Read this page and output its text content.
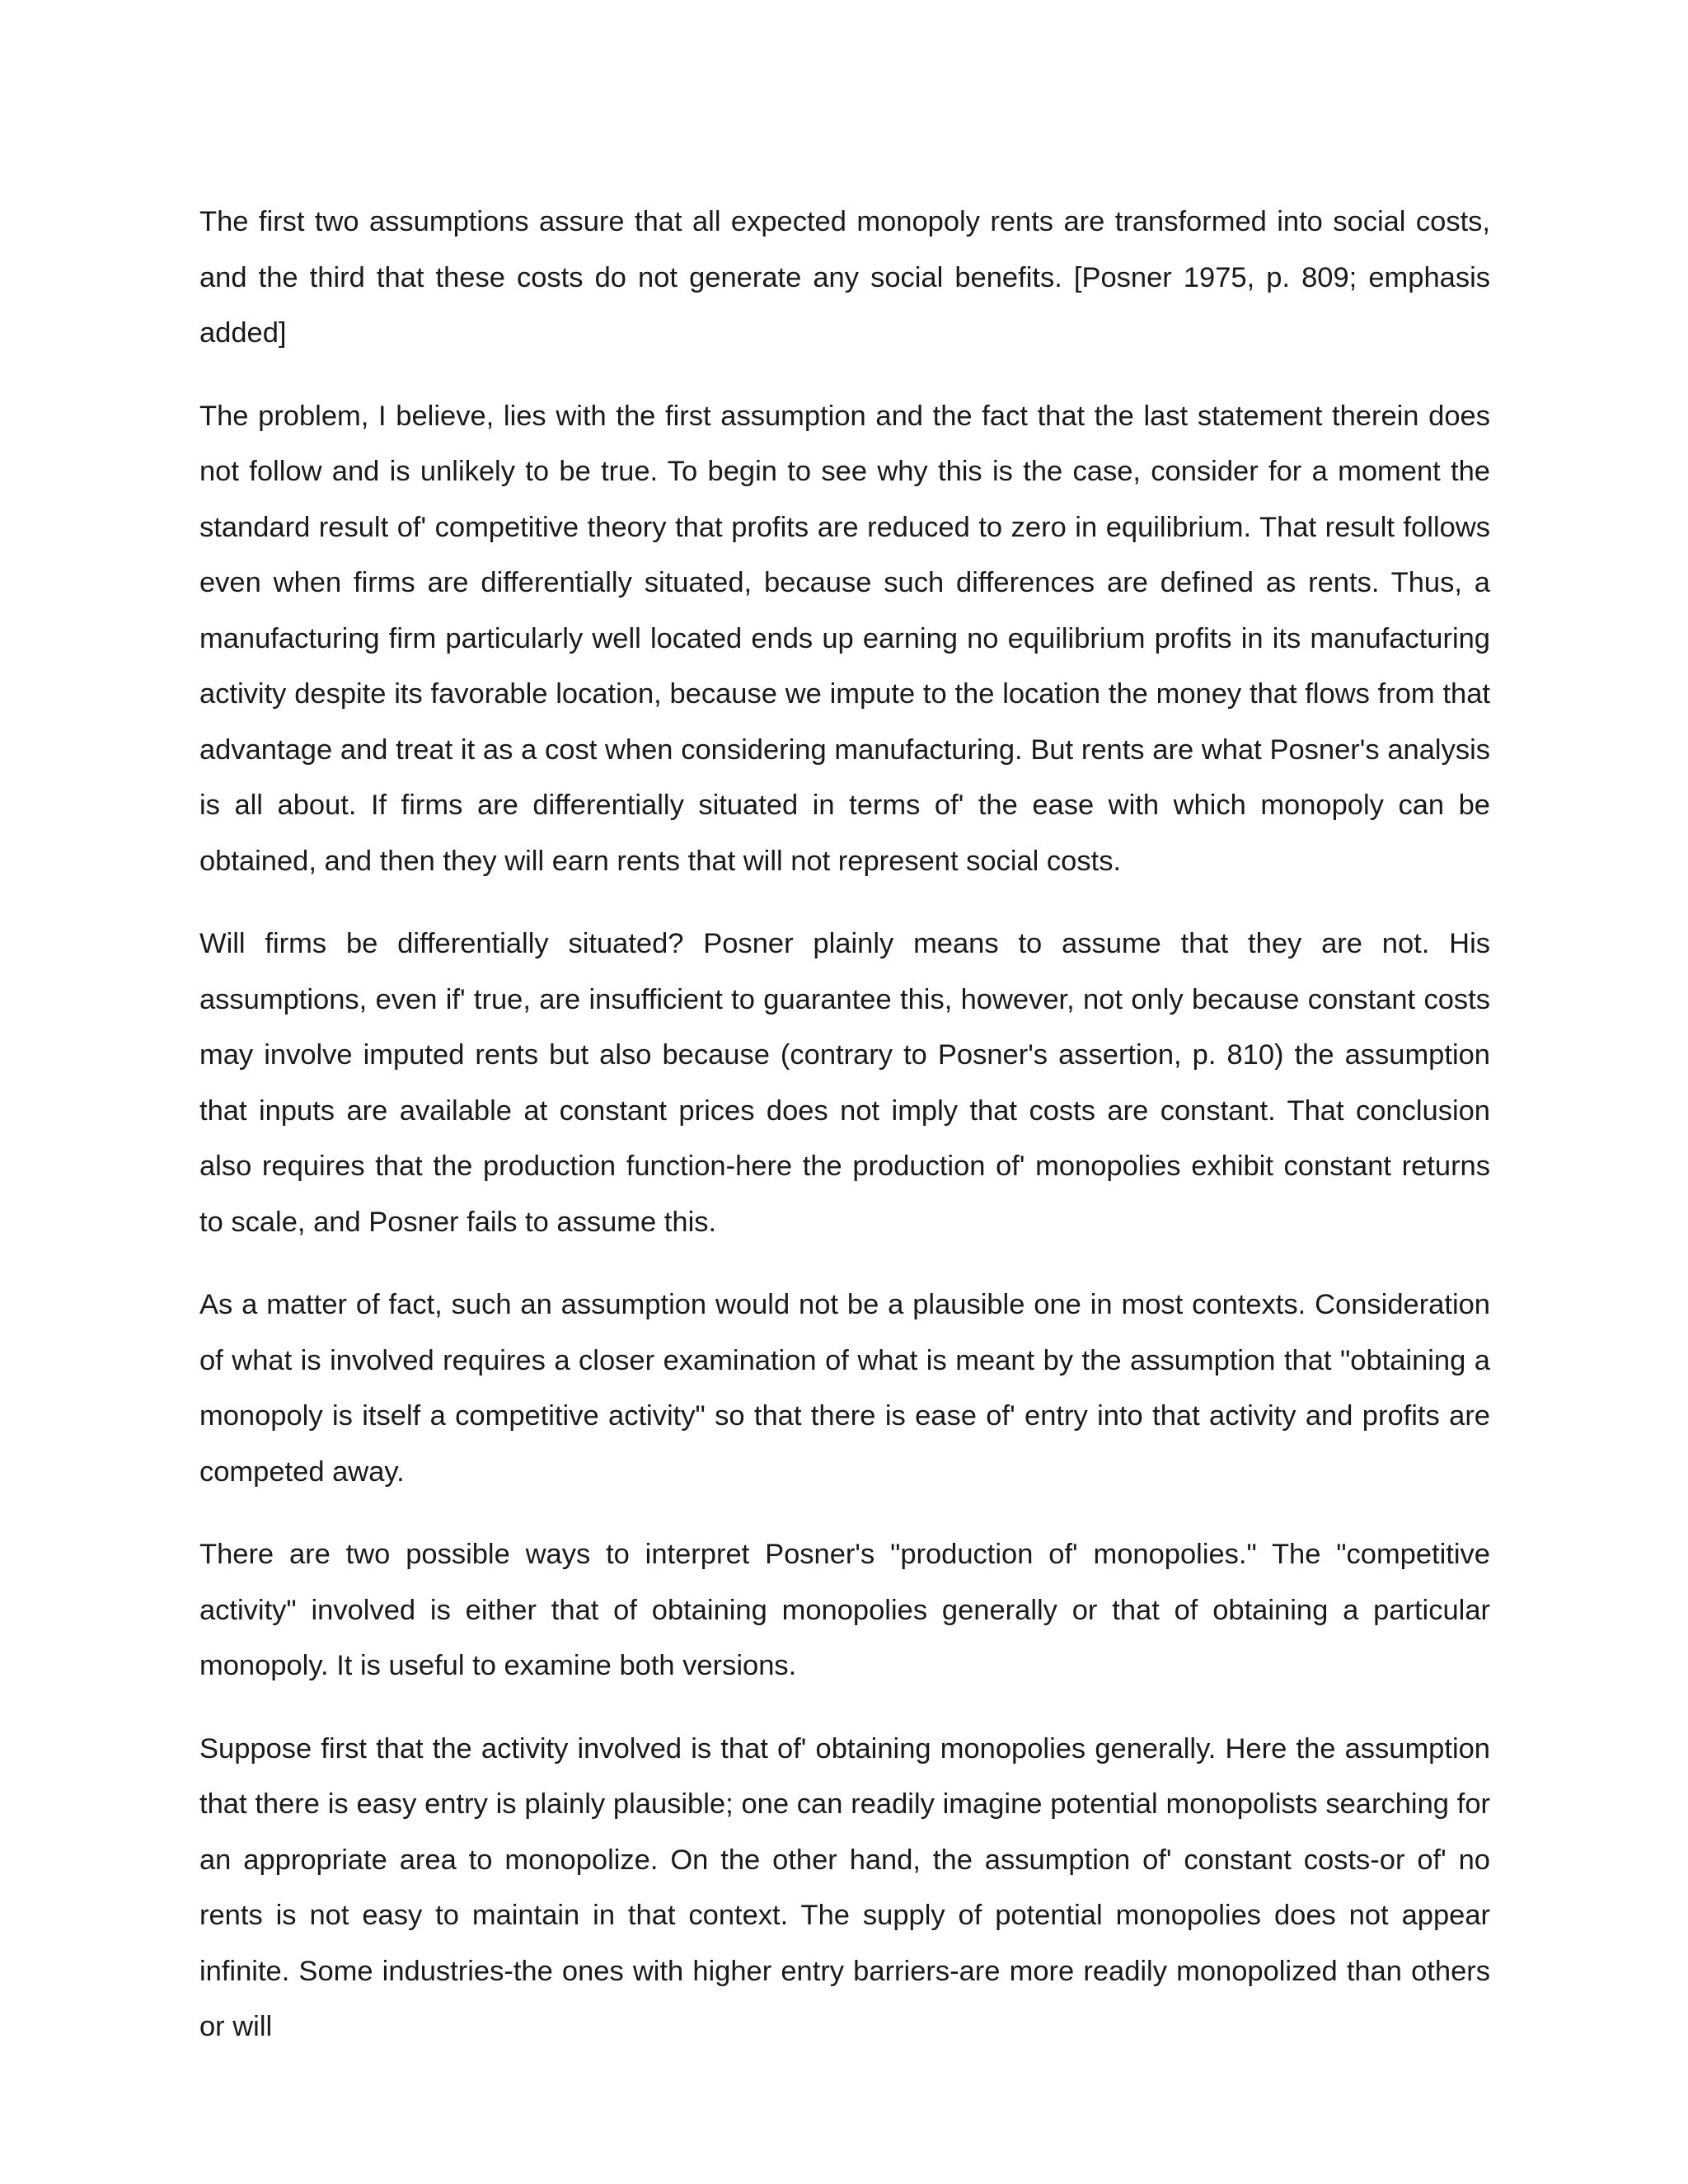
The first two assumptions assure that all expected monopoly rents are transformed into social costs, and the third that these costs do not generate any social benefits. [Posner 1975, p. 809; emphasis added]

The problem, I believe, lies with the first assumption and the fact that the last statement therein does not follow and is unlikely to be true. To begin to see why this is the case, consider for a moment the standard result of' competitive theory that profits are reduced to zero in equilibrium. That result follows even when firms are differentially situated, because such differences are defined as rents. Thus, a manufacturing firm particularly well located ends up earning no equilibrium profits in its manufacturing activity despite its favorable location, because we impute to the location the money that flows from that advantage and treat it as a cost when considering manufacturing. But rents are what Posner's analysis is all about. If firms are differentially situated in terms of' the ease with which monopoly can be obtained, and then they will earn rents that will not represent social costs.

Will firms be differentially situated? Posner plainly means to assume that they are not. His assumptions, even if' true, are insufficient to guarantee this, however, not only because constant costs may involve imputed rents but also because (contrary to Posner's assertion, p. 810) the assumption that inputs are available at constant prices does not imply that costs are constant. That conclusion also requires that the production function-here the production of' monopolies exhibit constant returns to scale, and Posner fails to assume this.

As a matter of fact, such an assumption would not be a plausible one in most contexts. Consideration of what is involved requires a closer examination of what is meant by the assumption that "obtaining a monopoly is itself a competitive activity" so that there is ease of' entry into that activity and profits are competed away.

There are two possible ways to interpret Posner's "production of' monopolies." The "competitive activity" involved is either that of obtaining monopolies generally or that of obtaining a particular monopoly. It is useful to examine both versions.

Suppose first that the activity involved is that of' obtaining monopolies generally. Here the assumption that there is easy entry is plainly plausible; one can readily imagine potential monopolists searching for an appropriate area to monopolize. On the other hand, the assumption of' constant costs-or of' no rents is not easy to maintain in that context. The supply of potential monopolies does not appear infinite. Some industries-the ones with higher entry barriers-are more readily monopolized than others or will
